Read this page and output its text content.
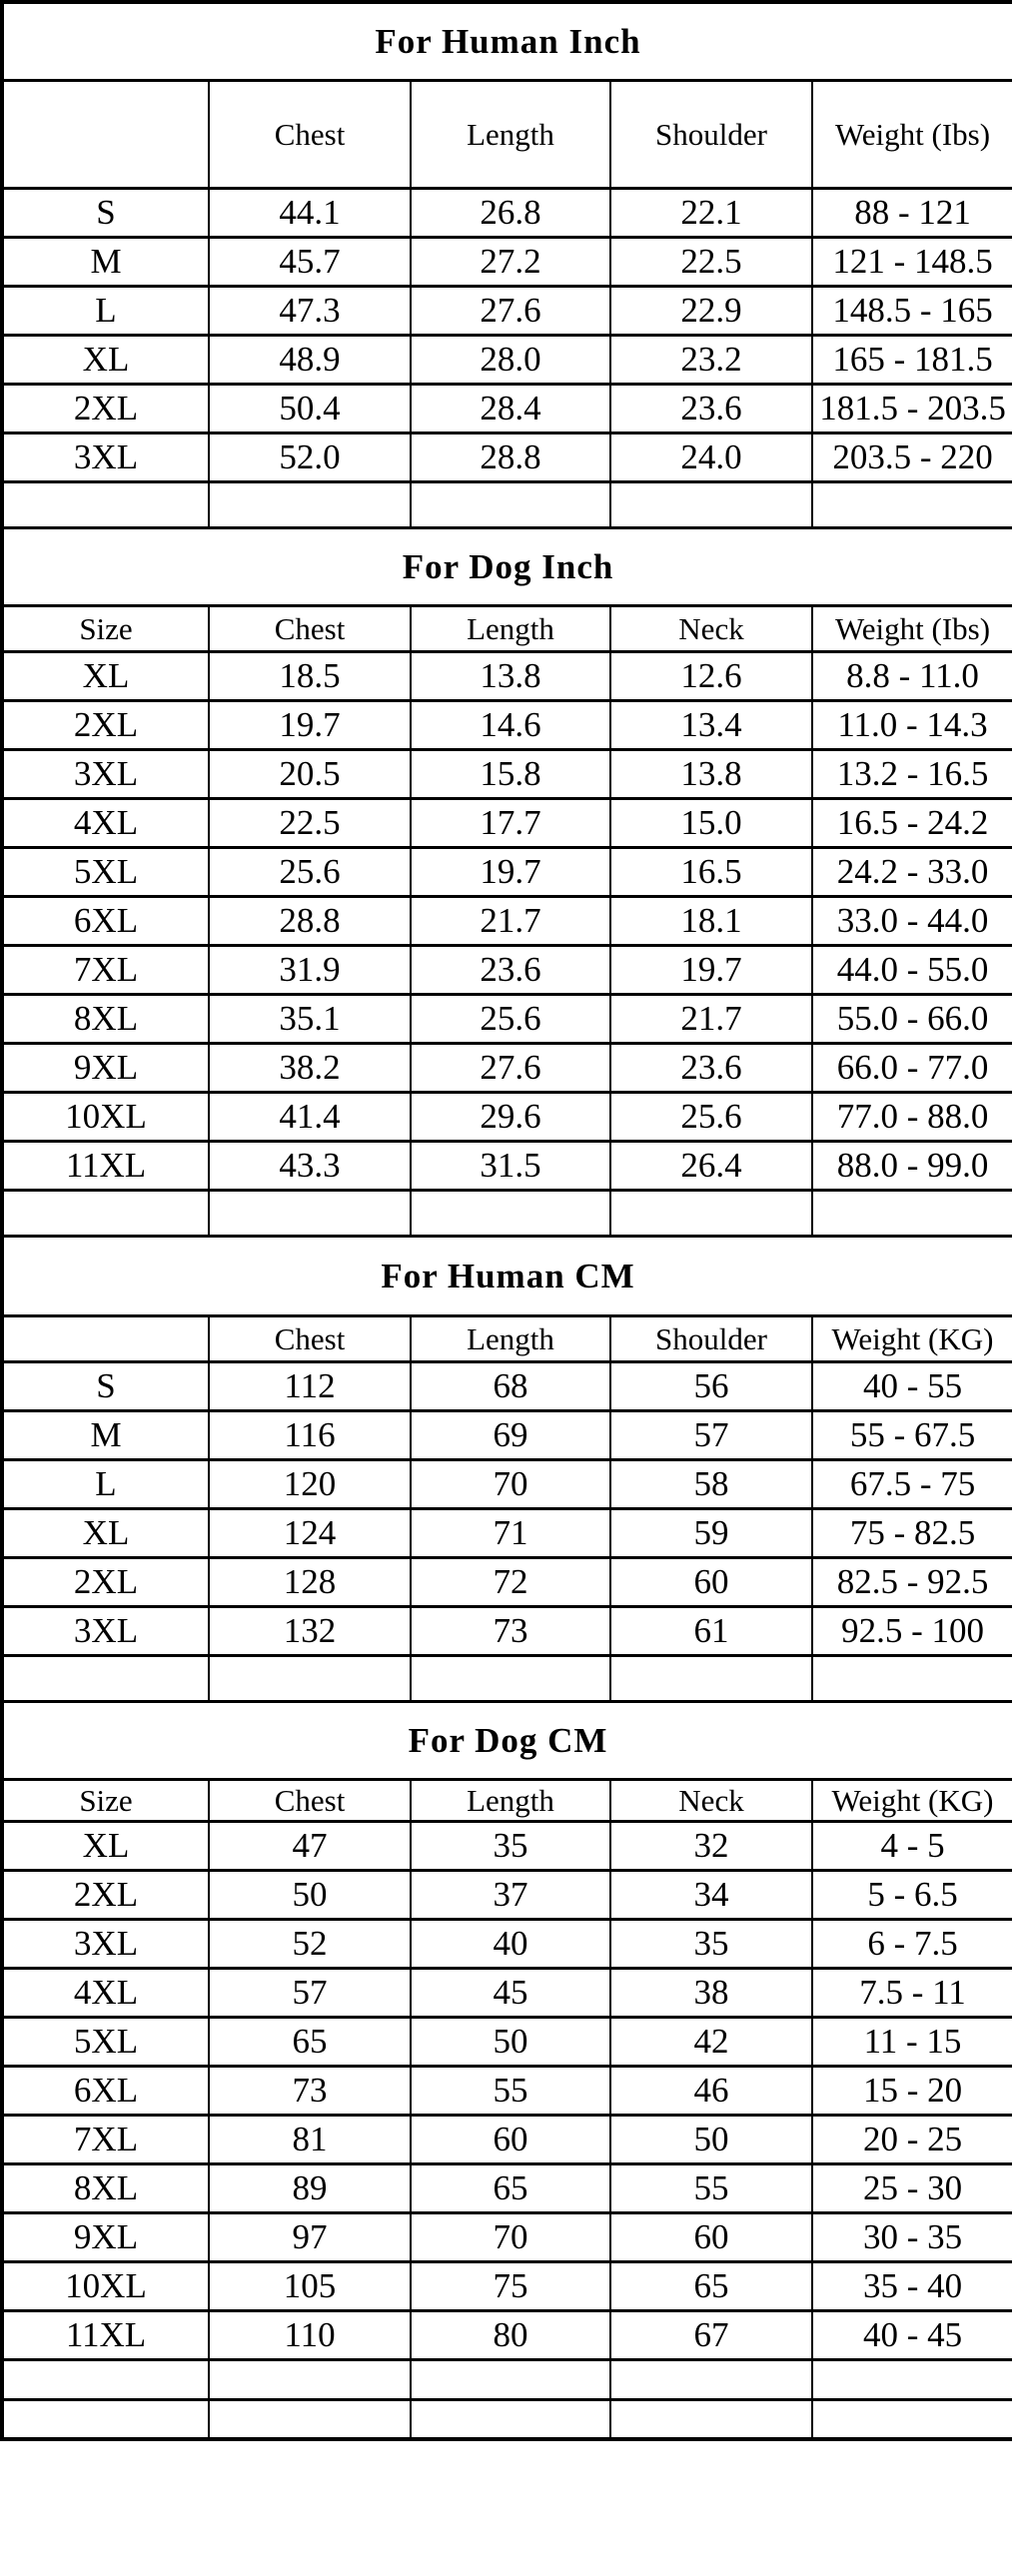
For Human Inch				
	Chest	Length	Shoulder	Weight (Ibs)
S	44.1	26.8	22.1	88 - 121
M	45.7	27.2	22.5	121 - 148.5
L	47.3	27.6	22.9	148.5 - 165
XL	48.9	28.0	23.2	165 - 181.5
2XL	50.4	28.4	23.6	181.5 - 203.5
3XL	52.0	28.8	24.0	203.5 - 220

For Dog Inch				
Size	Chest	Length	Neck	Weight (Ibs)
XL	18.5	13.8	12.6	8.8 - 11.0
2XL	19.7	14.6	13.4	11.0 - 14.3
3XL	20.5	15.8	13.8	13.2 - 16.5
4XL	22.5	17.7	15.0	16.5 - 24.2
5XL	25.6	19.7	16.5	24.2 - 33.0
6XL	28.8	21.7	18.1	33.0 - 44.0
7XL	31.9	23.6	19.7	44.0 - 55.0
8XL	35.1	25.6	21.7	55.0 - 66.0
9XL	38.2	27.6	23.6	66.0 - 77.0
10XL	41.4	29.6	25.6	77.0 - 88.0
11XL	43.3	31.5	26.4	88.0 - 99.0

For Human CM				
	Chest	Length	Shoulder	Weight (KG)
S	112	68	56	40 - 55
M	116	69	57	55 - 67.5
L	120	70	58	67.5 - 75
XL	124	71	59	75 - 82.5
2XL	128	72	60	82.5 - 92.5
3XL	132	73	61	92.5 - 100

For Dog CM				
Size	Chest	Length	Neck	Weight (KG)
XL	47	35	32	4 - 5
2XL	50	37	34	5 - 6.5
3XL	52	40	35	6 - 7.5
4XL	57	45	38	7.5 - 11
5XL	65	50	42	11 - 15
6XL	73	55	46	15 - 20
7XL	81	60	50	20 - 25
8XL	89	65	55	25 - 30
9XL	97	70	60	30 - 35
10XL	105	75	65	35 - 40
11XL	110	80	67	40 - 45
